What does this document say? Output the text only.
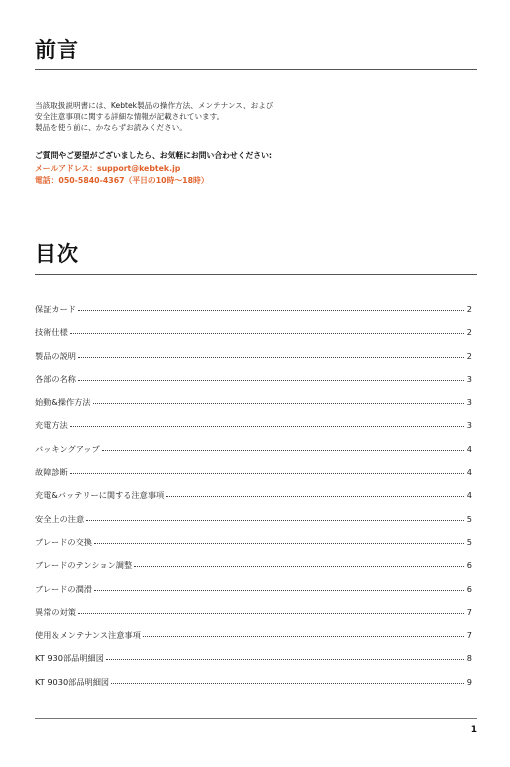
前言
当該取扱説明書には、Kebtek製品の操作方法、メンテナンス、および
安全注意事項に関する詳細な情報が記載されています。
製品を使う前に、かならずお読みください。
ご質問やご要望がございましたら、お気軽にお問い合わせください:
メールアドレス：support@kebtek.jp
電話：050-5840-4367（平日の10時～18時）
目次
保証カード	2
技術仕様	2
製品の説明	2
各部の名称	3
始動&操作方法	3
充電方法	3
バッキングアップ	4
故障診断	4
充電&バッテリーに関する注意事項	4
安全上の注意	5
ブレードの交換	5
ブレードのテンション調整	6
ブレードの潤滑	6
異常の対策	7
使用＆メンテナンス注意事項	7
KT 930部品明細図	8
KT 9030部品明細図	9
1
